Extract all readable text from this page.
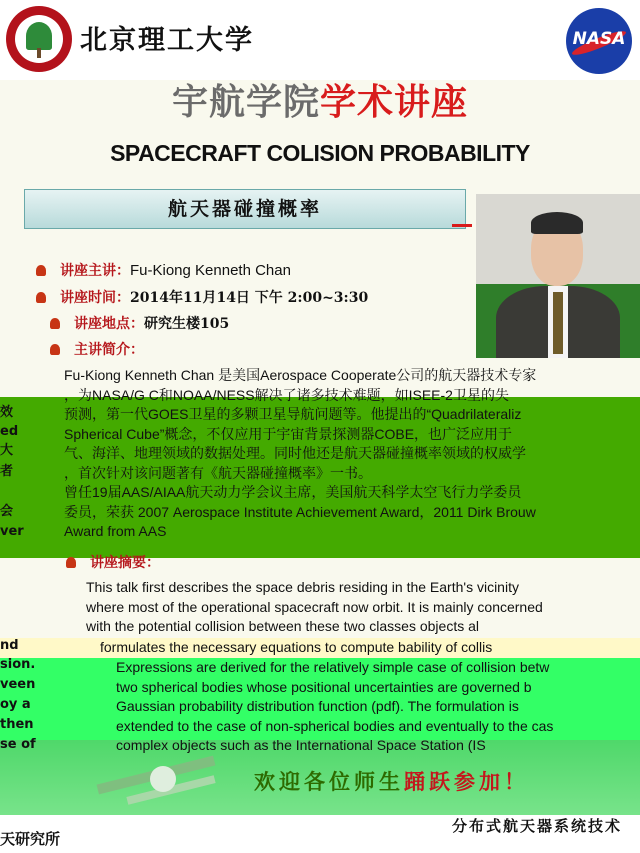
北京理工大学	NASA
宇航学院学术讲座
SPACECRAFT COLISION PROBABILITY
航天器碰撞概率
讲座主讲：Fu-Kiong Kenneth Chan
讲座时间：2014年11月14日 下午 2:00~3:30
讲座地点：研究生楼105
主讲简介：
Fu-Kiong Kenneth Chan 是美国Aerospace Cooperate公司的航天器技术专家
，为NASA/G C和NOAA/NESS解决了诸多技术难题，如ISEE-2卫星的失
预测，第一代GOES卫星的多颗卫星导航问题等。他提出的“Quadrilateraliz
Spherical Cube”概念，不仅应用于宇宙背景探测器COBE，也广泛应用于
气、海洋、地理领域的数据处理。同时他还是航天器碰撞概率领域的权威学
，首次针对该问题著有《航天器碰撞概率》一书。
曾任19届AAS/AIAA航天动力学会议主席，美国航天科学太空飞行力学委员
委员，荣获 2007 Aerospace Institute Achievement Award，2011 Dirk Brouw
Award from AAS
讲座摘要：
This talk first describes the space debris residing in the Earth's vicinity
where most of the operational spacecraft now orbit. It is mainly concerned
with the potential collision between these two classes objects al
formulates the necessary equations to compute bability of collis
Expressions are derived for the relatively simple case of collision betw
two spherical bodies whose positional uncertainties are governed b
Gaussian probability distribution function (pdf). The formulation is
extended to the case of non-spherical bodies and eventually to the cas
complex objects such as the International Space Station (IS
效
ed
大
者
会
ver
nd
sion.
veen
oy a
then
se of
欢迎各位师生踊跃参加！
天研究所
分布式航天器系统技术
